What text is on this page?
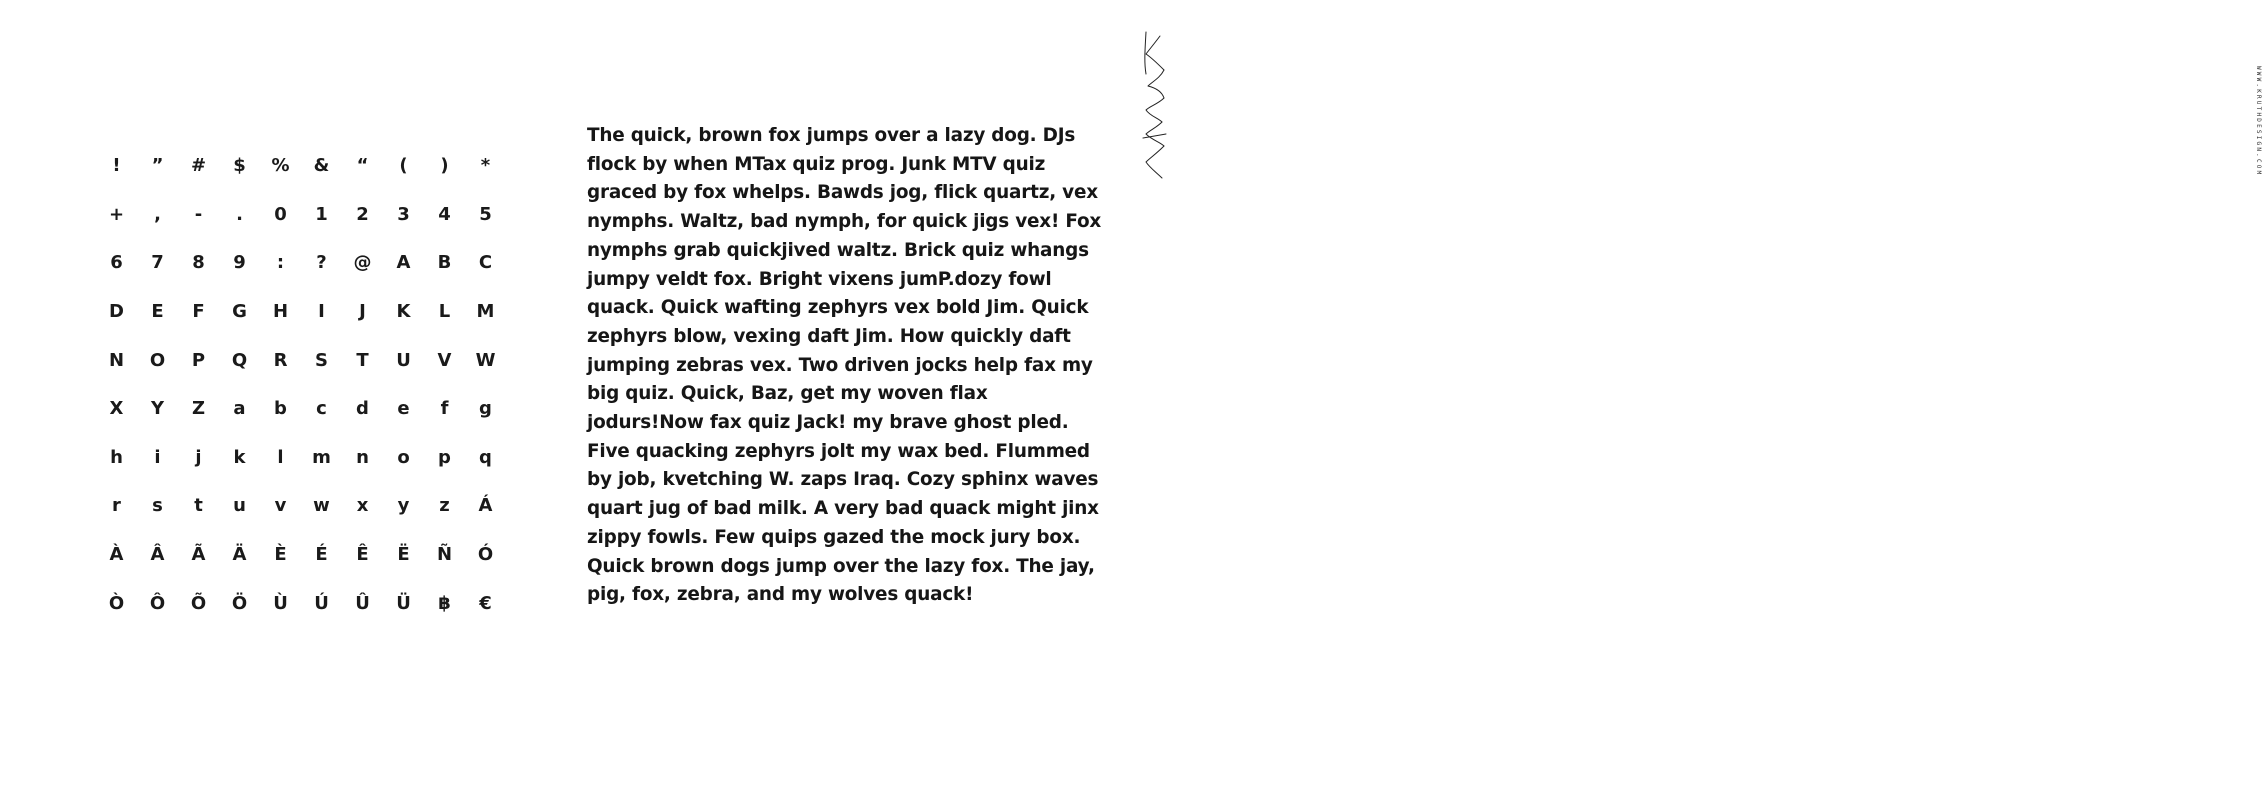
!	”	#	$	%	&	“	(	)	*
+	,	-	.	0	1	2	3	4	5
6	7	8	9	:	?	@	A	B	C
D	E	F	G	H	I	J	K	L	M
N	O	P	Q	R	S	T	U	V	W
X	Y	Z	a	b	c	d	e	f	g
h	i	j	k	l	m	n	o	p	q
r	s	t	u	v	w	x	y	z	Á
À	Â	Ã	Ä	È	É	Ê	Ë	Ñ	Ó
Ò	Ô	Õ	Ö	Ù	Ú	Û	Ü	฿	€

The quick, brown fox jumps over a lazy dog. DJs flock by when MTax quiz prog. Junk MTV quiz graced by fox whelps. Bawds jog, flick quartz, vex nymphs. Waltz, bad nymph, for quick jigs vex! Fox nymphs grab quickjived waltz. Brick quiz whangs jumpy veldt fox. Bright vixens jumP.dozy fowl quack. Quick wafting zephyrs vex bold Jim. Quick zephyrs blow, vexing daft Jim. How quickly daft jumping zebras vex. Two driven jocks help fax my big quiz. Quick, Baz, get my woven flax jodurs!Now fax quiz Jack! my brave ghost pled. Five quacking zephyrs jolt my wax bed. Flummed by job, kvetching W. zaps Iraq. Cozy sphinx waves quart jug of bad milk. A very bad quack might jinx zippy fowls. Few quips gazed the mock jury box. Quick brown dogs jump over the lazy fox. The jay, pig, fox, zebra, and my wolves quack!

WWW.KRUTHDESIGN.COM
